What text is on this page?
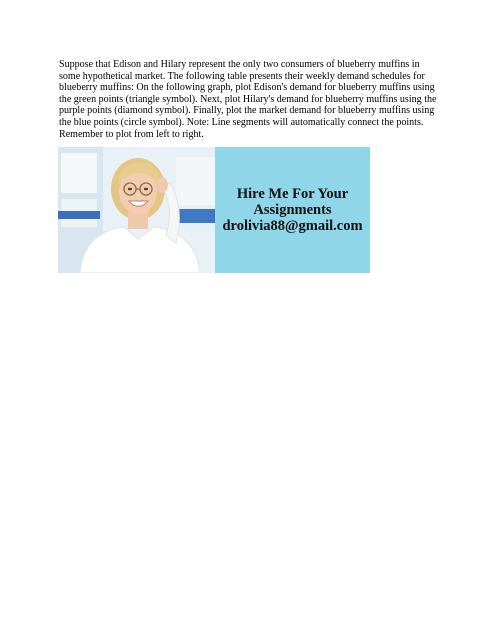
Suppose that Edison and Hilary represent the only two consumers of blueberry muffins in some hypothetical market. The following table presents their weekly demand schedules for blueberry muffins: On the following graph, plot Edison's demand for blueberry muffins using the green points (triangle symbol). Next, plot Hilary's demand for blueberry muffins using the purple points (diamond symbol). Finally, plot the market demand for blueberry muffins using the blue points (circle symbol). Note: Line segments will automatically connect the points. Remember to plot from left to right.

Hire Me For Your
Assignments
drolivia88@gmail.com
